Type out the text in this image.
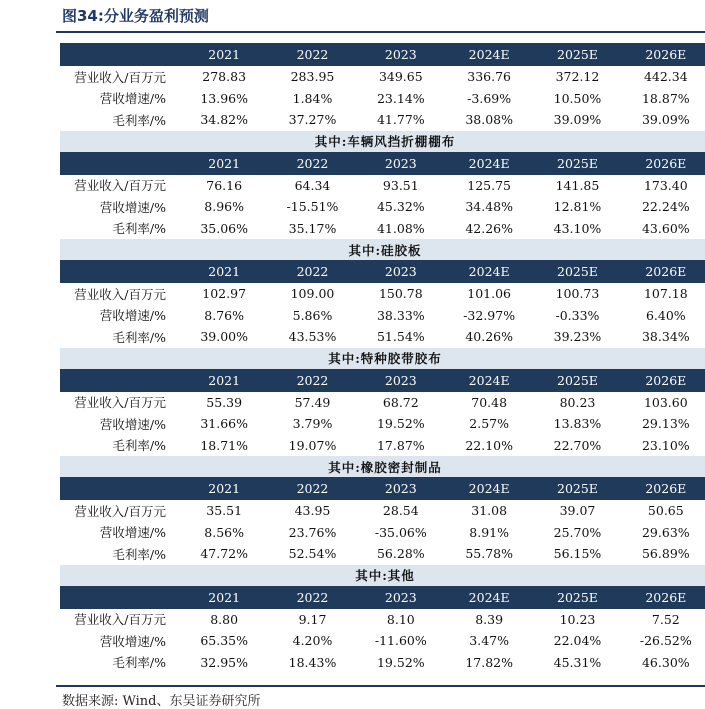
图34:分业务盈利预测
	2021	2022	2023	2024E	2025E	2026E
营业收入/百万元	278.83	283.95	349.65	336.76	372.12	442.34
营收增速/%	13.96%	1.84%	23.14%	-3.69%	10.50%	18.87%
毛利率/%	34.82%	37.27%	41.77%	38.08%	39.09%	39.09%
其中:车辆风挡折棚棚布						
	2021	2022	2023	2024E	2025E	2026E
营业收入/百万元	76.16	64.34	93.51	125.75	141.85	173.40
营收增速/%	8.96%	-15.51%	45.32%	34.48%	12.81%	22.24%
毛利率/%	35.06%	35.17%	41.08%	42.26%	43.10%	43.60%
其中:硅胶板						
	2021	2022	2023	2024E	2025E	2026E
营业收入/百万元	102.97	109.00	150.78	101.06	100.73	107.18
营收增速/%	8.76%	5.86%	38.33%	-32.97%	-0.33%	6.40%
毛利率/%	39.00%	43.53%	51.54%	40.26%	39.23%	38.34%
其中:特种胶带胶布						
	2021	2022	2023	2024E	2025E	2026E
营业收入/百万元	55.39	57.49	68.72	70.48	80.23	103.60
营收增速/%	31.66%	3.79%	19.52%	2.57%	13.83%	29.13%
毛利率/%	18.71%	19.07%	17.87%	22.10%	22.70%	23.10%
其中:橡胶密封制品						
	2021	2022	2023	2024E	2025E	2026E
营业收入/百万元	35.51	43.95	28.54	31.08	39.07	50.65
营收增速/%	8.56%	23.76%	-35.06%	8.91%	25.70%	29.63%
毛利率/%	47.72%	52.54%	56.28%	55.78%	56.15%	56.89%
其中:其他						
	2021	2022	2023	2024E	2025E	2026E
营业收入/百万元	8.80	9.17	8.10	8.39	10.23	7.52
营收增速/%	65.35%	4.20%	-11.60%	3.47%	22.04%	-26.52%
毛利率/%	32.95%	18.43%	19.52%	17.82%	45.31%	46.30%
数据来源: Wind、东吴证券研究所
